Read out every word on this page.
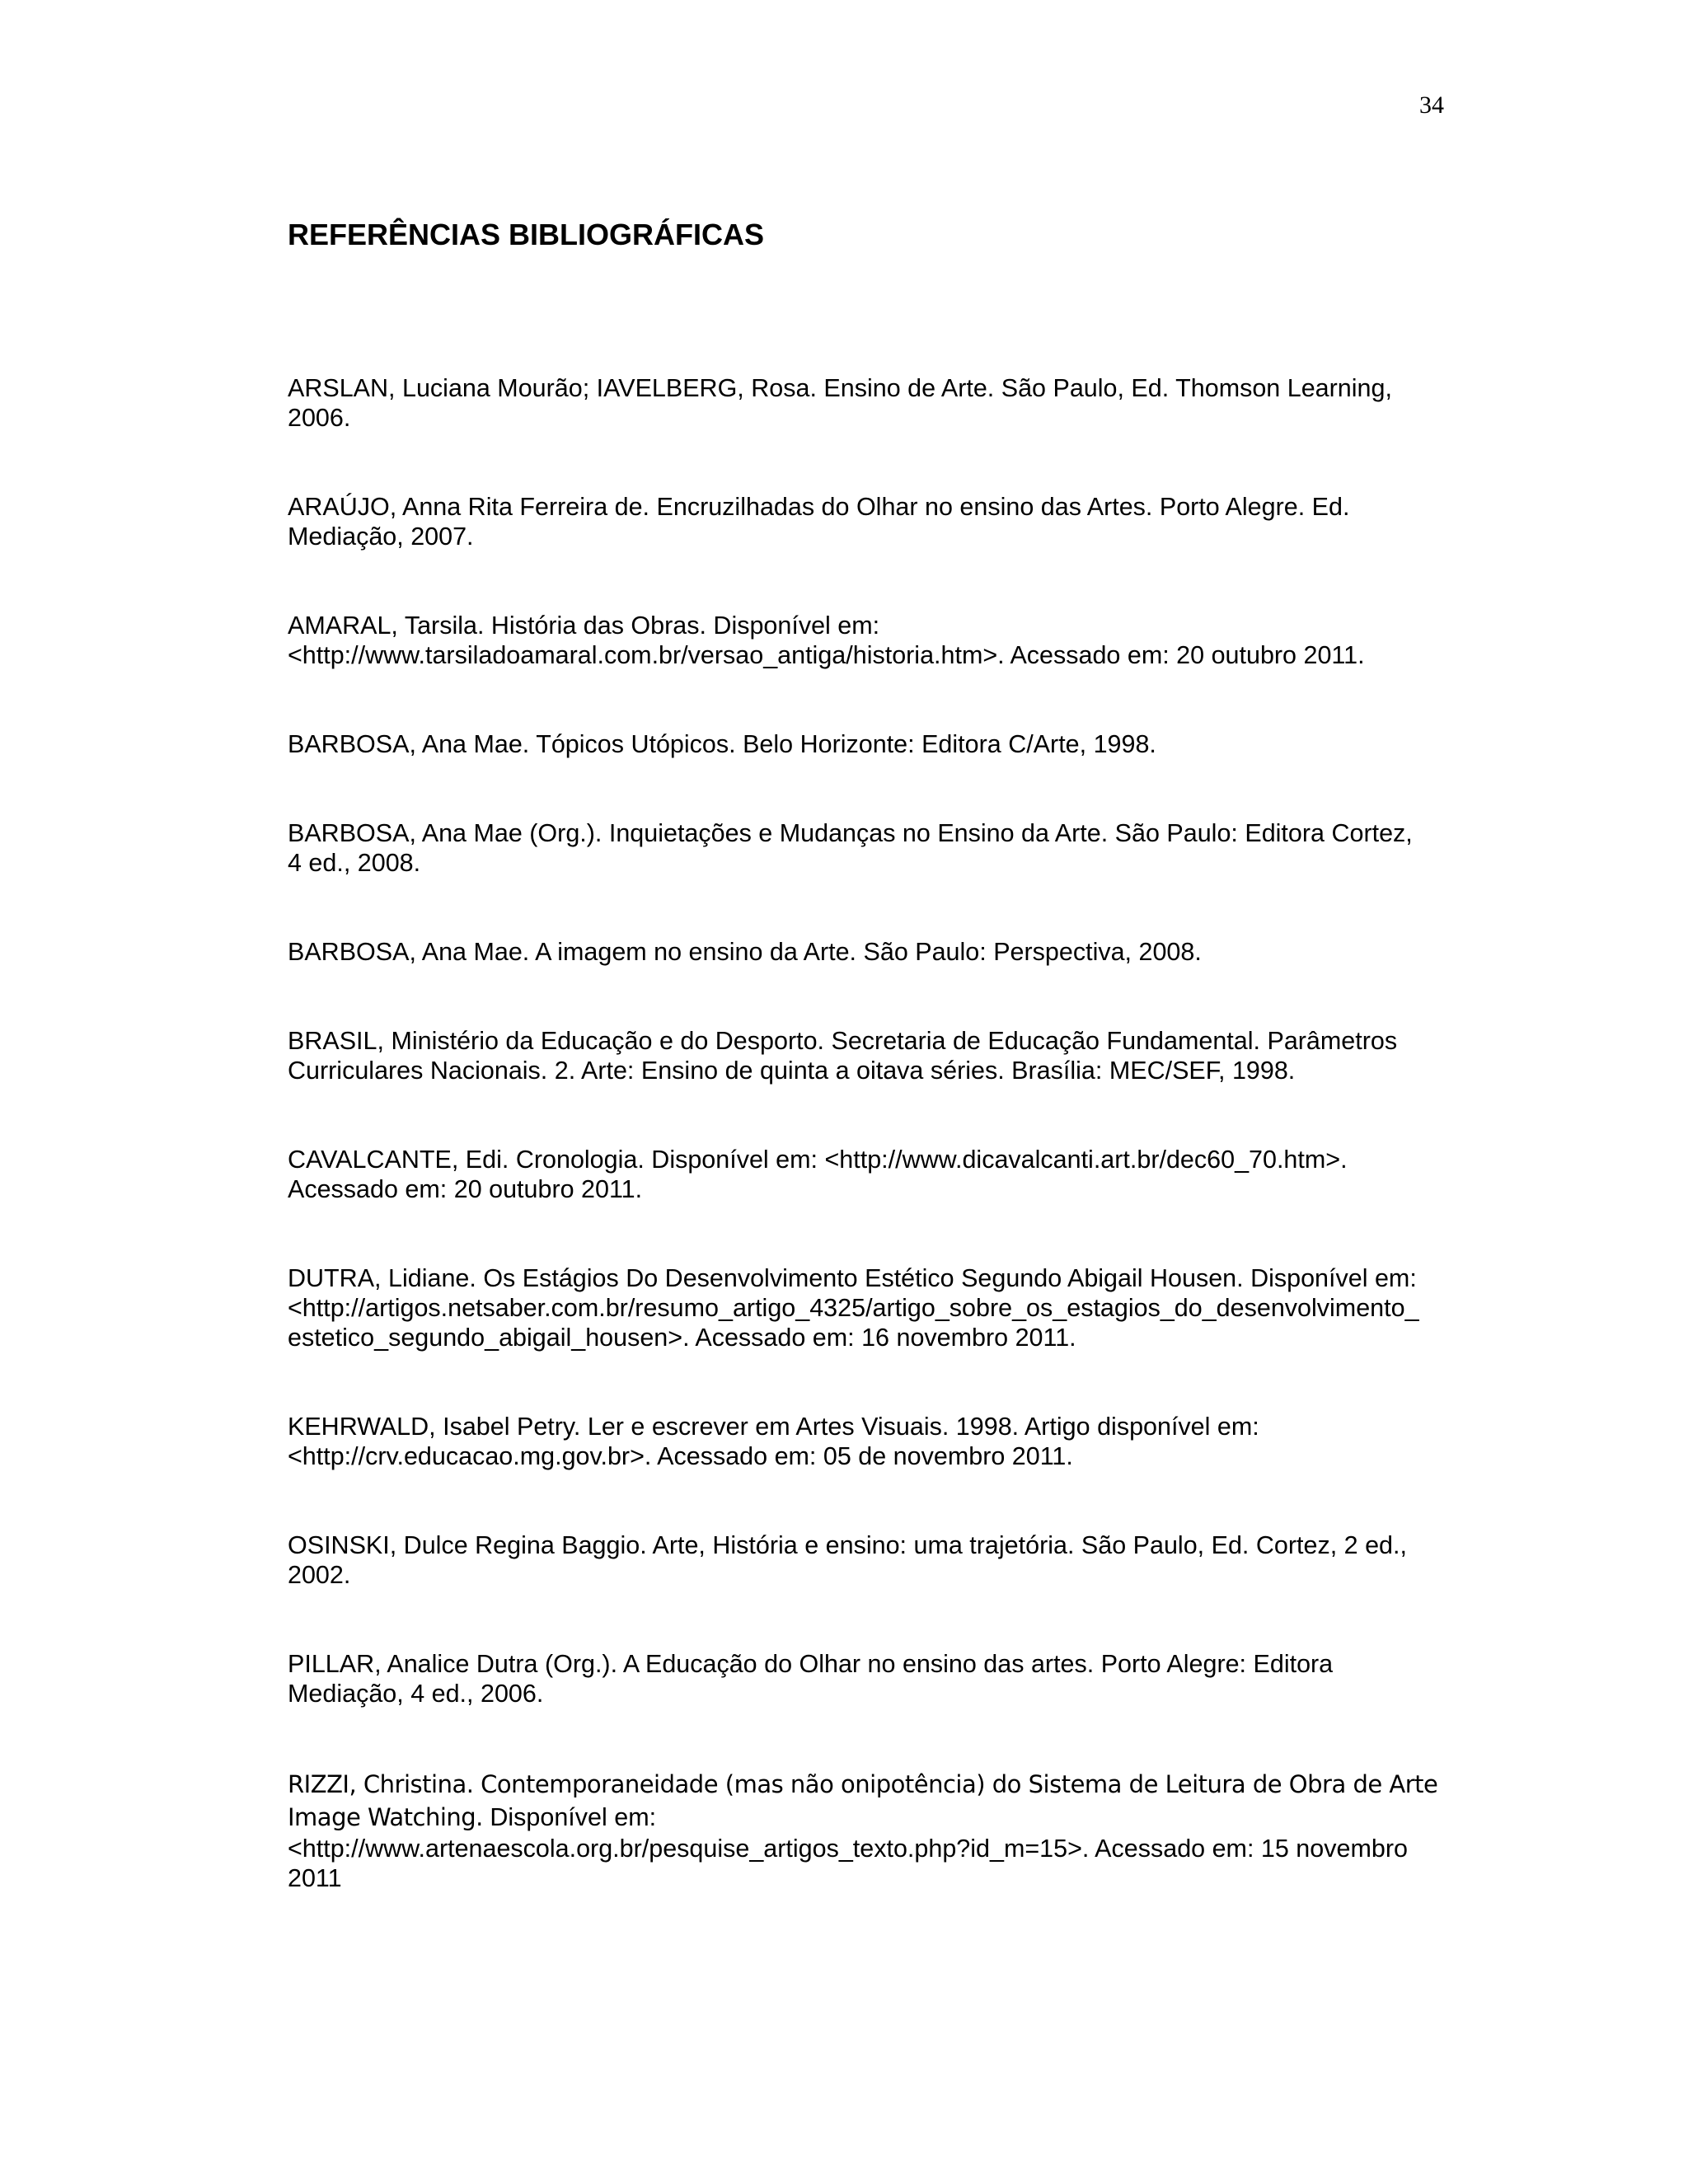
34
REFERÊNCIAS BIBLIOGRÁFICAS
ARSLAN, Luciana Mourão; IAVELBERG, Rosa. Ensino de Arte. São Paulo, Ed. Thomson Learning,
2006.
ARAÚJO, Anna Rita Ferreira de. Encruzilhadas do Olhar no ensino das Artes. Porto Alegre. Ed.
Mediação, 2007.
AMARAL, Tarsila. História das Obras. Disponível em:
<http://www.tarsiladoamaral.com.br/versao_antiga/historia.htm>. Acessado em: 20 outubro 2011.
BARBOSA, Ana Mae. Tópicos Utópicos. Belo Horizonte: Editora C/Arte, 1998.
BARBOSA, Ana Mae (Org.). Inquietações e Mudanças no Ensino da Arte. São Paulo: Editora Cortez,
4 ed., 2008.
BARBOSA, Ana Mae. A imagem no ensino da Arte. São Paulo: Perspectiva, 2008.
BRASIL, Ministério da Educação e do Desporto. Secretaria de Educação Fundamental. Parâmetros
Curriculares Nacionais. 2. Arte: Ensino de quinta a oitava séries. Brasília: MEC/SEF, 1998.
CAVALCANTE, Edi. Cronologia. Disponível em: <http://www.dicavalcanti.art.br/dec60_70.htm>.
Acessado em: 20 outubro 2011.
DUTRA, Lidiane. Os Estágios Do Desenvolvimento Estético Segundo Abigail Housen. Disponível em:
<http://artigos.netsaber.com.br/resumo_artigo_4325/artigo_sobre_os_estagios_do_desenvolvimento_
estetico_segundo_abigail_housen>. Acessado em: 16 novembro 2011.
KEHRWALD, Isabel Petry. Ler e escrever em Artes Visuais. 1998. Artigo disponível em:
<http://crv.educacao.mg.gov.br>. Acessado em: 05 de novembro 2011.
OSINSKI, Dulce Regina Baggio. Arte, História e ensino: uma trajetória. São Paulo, Ed. Cortez, 2 ed.,
2002.
PILLAR, Analice Dutra (Org.). A Educação do Olhar no ensino das artes. Porto Alegre: Editora
Mediação, 4 ed., 2006.
RIZZI, Christina. Contemporaneidade (mas não onipotência) do Sistema de Leitura de Obra de Arte
Image Watching. Disponível em:
<http://www.artenaescola.org.br/pesquise_artigos_texto.php?id_m=15>. Acessado em: 15 novembro
2011
